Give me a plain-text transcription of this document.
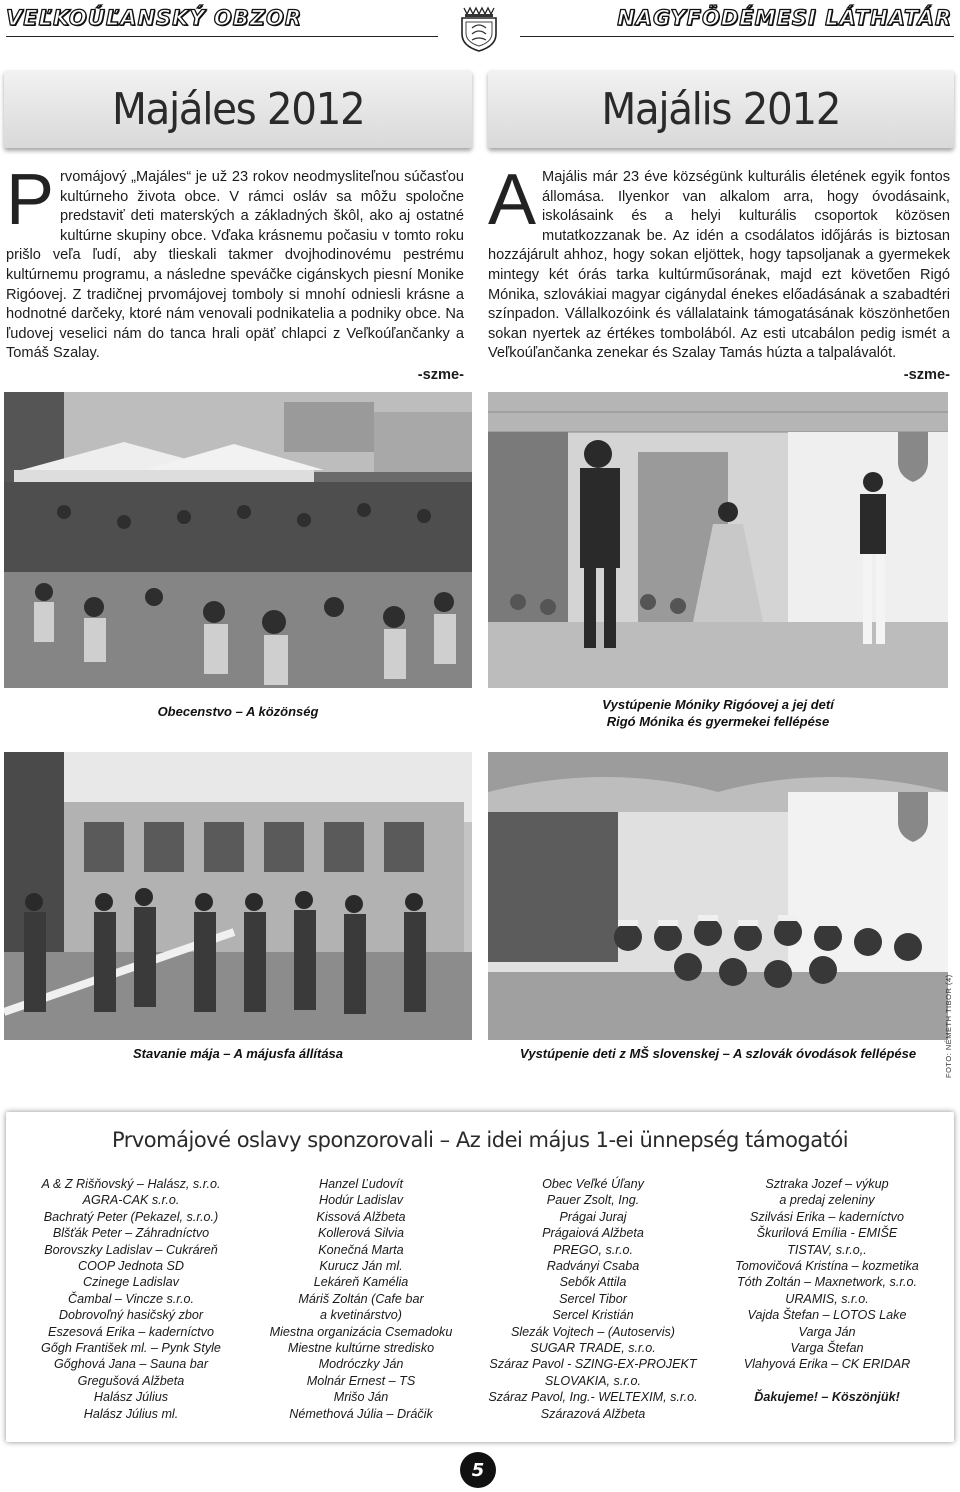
VEĽKOÚĽANSKÝ OBZOR	NAGYFÖDÉMESI LÁTHATÁR
Majáles 2012	Majális 2012
Prvomájový „Majáles“ je už 23 rokov neodmysliteľnou súčasťou kultúrneho života obce. V rámci osláv sa môžu spoločne predstaviť deti materských a základných škôl, ako aj ostatné kultúrne skupiny obce. Vďaka krásnemu počasiu v tomto roku prišlo veľa ľudí, aby tlieskali takmer dvojhodinovému pestrému kultúrnemu programu, a následne speváčke cigánskych piesní Monike Rigóovej. Z tradičnej prvomájovej tomboly si mnohí odniesli krásne a hodnotné darčeky, ktoré nám venovali podnikatelia a podniky obce. Na ľudovej veselici nám do tanca hrali opäť chlapci z Veľkoúľančanky a Tomáš Szalay.
-szme-
A Majális már 23 éve községünk kulturális életének egyik fontos állomása. Ilyenkor van alkalom arra, hogy óvodásaink, iskolásaink és a helyi kulturális csoportok közösen mutatkozzanak be. Az idén a csodálatos időjárás is biztosan hozzájárult ahhoz, hogy sokan eljöttek, hogy tapsoljanak a gyermekek mintegy két órás tarka kultúrműsorának, majd ezt követően Rigó Mónika, szlovákiai magyar cigánydal énekes előadásának a szabadtéri színpadon. Vállalkozóink és vállalataink támogatásának köszönhetően sokan nyertek az értékes tombolából. Az esti utcabálon pedig ismét a Veľkoúľančanka zenekar és Szalay Tamás húzta a talpalávalót.
-szme-
Obecenstvo – A közönség	Vystúpenie Móniky Rigóovej a jej detí
Rigó Mónika és gyermekei fellépése
Stavanie mája – A májusfa állítása	Vystúpenie deti z MŠ slovenskej – A szlovák óvodások fellépése	FOTO: NÉMETH TIBOR (4)
Prvomájové oslavy sponzorovali – Az idei május 1-ei ünnepség támogatói
A & Z Rišňovský – Halász, s.r.o.
AGRA-CAK s.r.o.
Bachratý Peter (Pekazel, s.r.o.)
Blšťák Peter – Záhradníctvo
Borovszky Ladislav – Cukráreň
COOP Jednota SD
Czinege Ladislav
Čambal – Vincze s.r.o.
Dobrovoľný hasičský zbor
Eszesová Erika – kaderníctvo
Gőgh František ml. – Pynk Style
Gőghová Jana – Sauna bar
Gregušová Alžbeta
Halász Július
Halász Július ml.
Hanzel Ľudovít
Hodúr Ladislav
Kissová Alžbeta
Kollerová Silvia
Konečná Marta
Kurucz Ján ml.
Lekáreň Kamélia
Máriš Zoltán (Cafe bar
a kvetinárstvo)
Miestna organizácia Csemadoku
Miestne kultúrne stredisko
Modróczky Ján
Molnár Ernest – TS
Mrišo Ján
Némethová Júlia – Dráčik
Obec Veľké Úľany
Pauer Zsolt, Ing.
Prágai Juraj
Prágaiová Alžbeta
PREGO, s.r.o.
Radványi Csaba
Sebők Attila
Sercel Tibor
Sercel Kristián
Slezák Vojtech – (Autoservis)
SUGAR TRADE, s.r.o.
Száraz Pavol - SZING-EX-PROJEKT
SLOVAKIA, s.r.o.
Száraz Pavol, Ing.- WELTEXIM, s.r.o.
Szárazová Alžbeta
Sztraka Jozef – výkup
a predaj zeleniny
Szilvási Erika – kaderníctvo
Škurilová Emília - EMIŠE
TISTAV, s.r.o,.
Tomovičová Kristína – kozmetika
Tóth Zoltán – Maxnetwork, s.r.o.
URAMIS, s.r.o.
Vajda Štefan – LOTOS Lake
Varga Ján
Varga Štefan
Vlahyová Erika – CK ERIDAR
Ďakujeme! – Köszönjük!
5
